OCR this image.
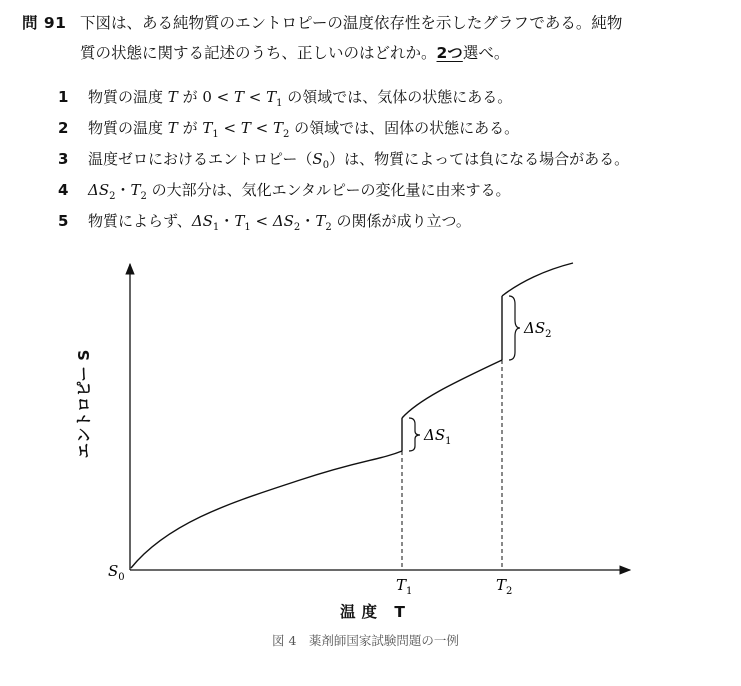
問 91 下図は、ある純物質のエントロピーの温度依存性を示したグラフである。純物
質の状態に関する記述のうち、正しいのはどれか。2つ選べ。
1 物質の温度 T が $0 < T < T_1$ の領域では、気体の状態にある。
2 物質の温度 T が $T_1 < T < T_2$ の領域では、固体の状態にある。
3 温度ゼロにおけるエントロピー$(S_0)$は、物質によっては負になる場合がある。
4 $\Delta S_2$・$T_2$ の大部分は、気化エンタルピーの変化量に由来する。
5 物質によらず、$\Delta S_1$・$T_1 < \Delta S_2$・$T_2$ の関係が成り立つ。
$\Delta S_1$
$\Delta S_2$
$S_0$	$T_1$	$T_2$
エントロピー S
温度 T
図 4　薬剤師国家試験問題の一例
